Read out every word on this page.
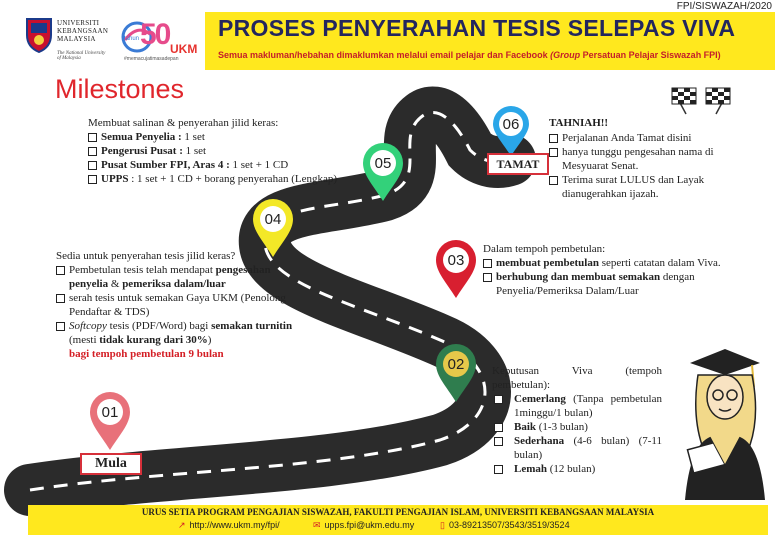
FPI/SISWAZAH/2020
UNIVERSITI
KEBANGSAAN
MALAYSIA
The National University
of Malaysia
tahun 50 UKM
#memacujatimasadepan
PROSES PENYERAHAN TESIS SELEPAS VIVA
Semua makluman/hebahan dimaklumkan melalui email pelajar dan Facebook (Group Persatuan Pelajar Siswazah FPI)
Milestones
01
02
03
04
05
06
Mula
TAMAT
Membuat salinan & penyerahan jilid keras:
Semua Penyelia : 1 set
Pengerusi Pusat : 1 set
Pusat Sumber FPI, Aras 4 : 1 set + 1 CD
UPPS : 1 set + 1 CD + borang penyerahan (Lengkap)
Sedia untuk penyerahan tesis jilid keras?
Pembetulan tesis telah mendapat pengesahan penyelia & pemeriksa dalam/luar
serah tesis untuk semakan Gaya UKM (Penolong Pendaftar & TDS)
Softcopy tesis (PDF/Word) bagi semakan turnitin (mesti tidak kurang dari 30%)
bagi tempoh pembetulan 9 bulan
Dalam tempoh pembetulan:
membuat pembetulan seperti catatan dalam Viva.
berhubung dan membuat semakan dengan Penyelia/Pemeriksa Dalam/Luar
Keputusan Viva (tempoh pembetulan):
Cemerlang (Tanpa pembetulan 1minggu/1 bulan)
Baik (1-3 bulan)
Sederhana (4-6 bulan) (7-11 bulan)
Lemah (12 bulan)
TAHNIAH!!
Perjalanan Anda Tamat disini
hanya tunggu pengesahan nama di Mesyuarat Senat.
Terima surat LULUS dan Layak dianugerahkan ijazah.
URUS SETIA PROGRAM PENGAJIAN SISWAZAH, FAKULTI PENGAJIAN ISLAM, UNIVERSITI KEBANGSAAN MALAYSIA
↗ http://www.ukm.my/fpi/	✉ upps.fpi@ukm.edu.my	▯ 03-89213507/3543/3519/3524
